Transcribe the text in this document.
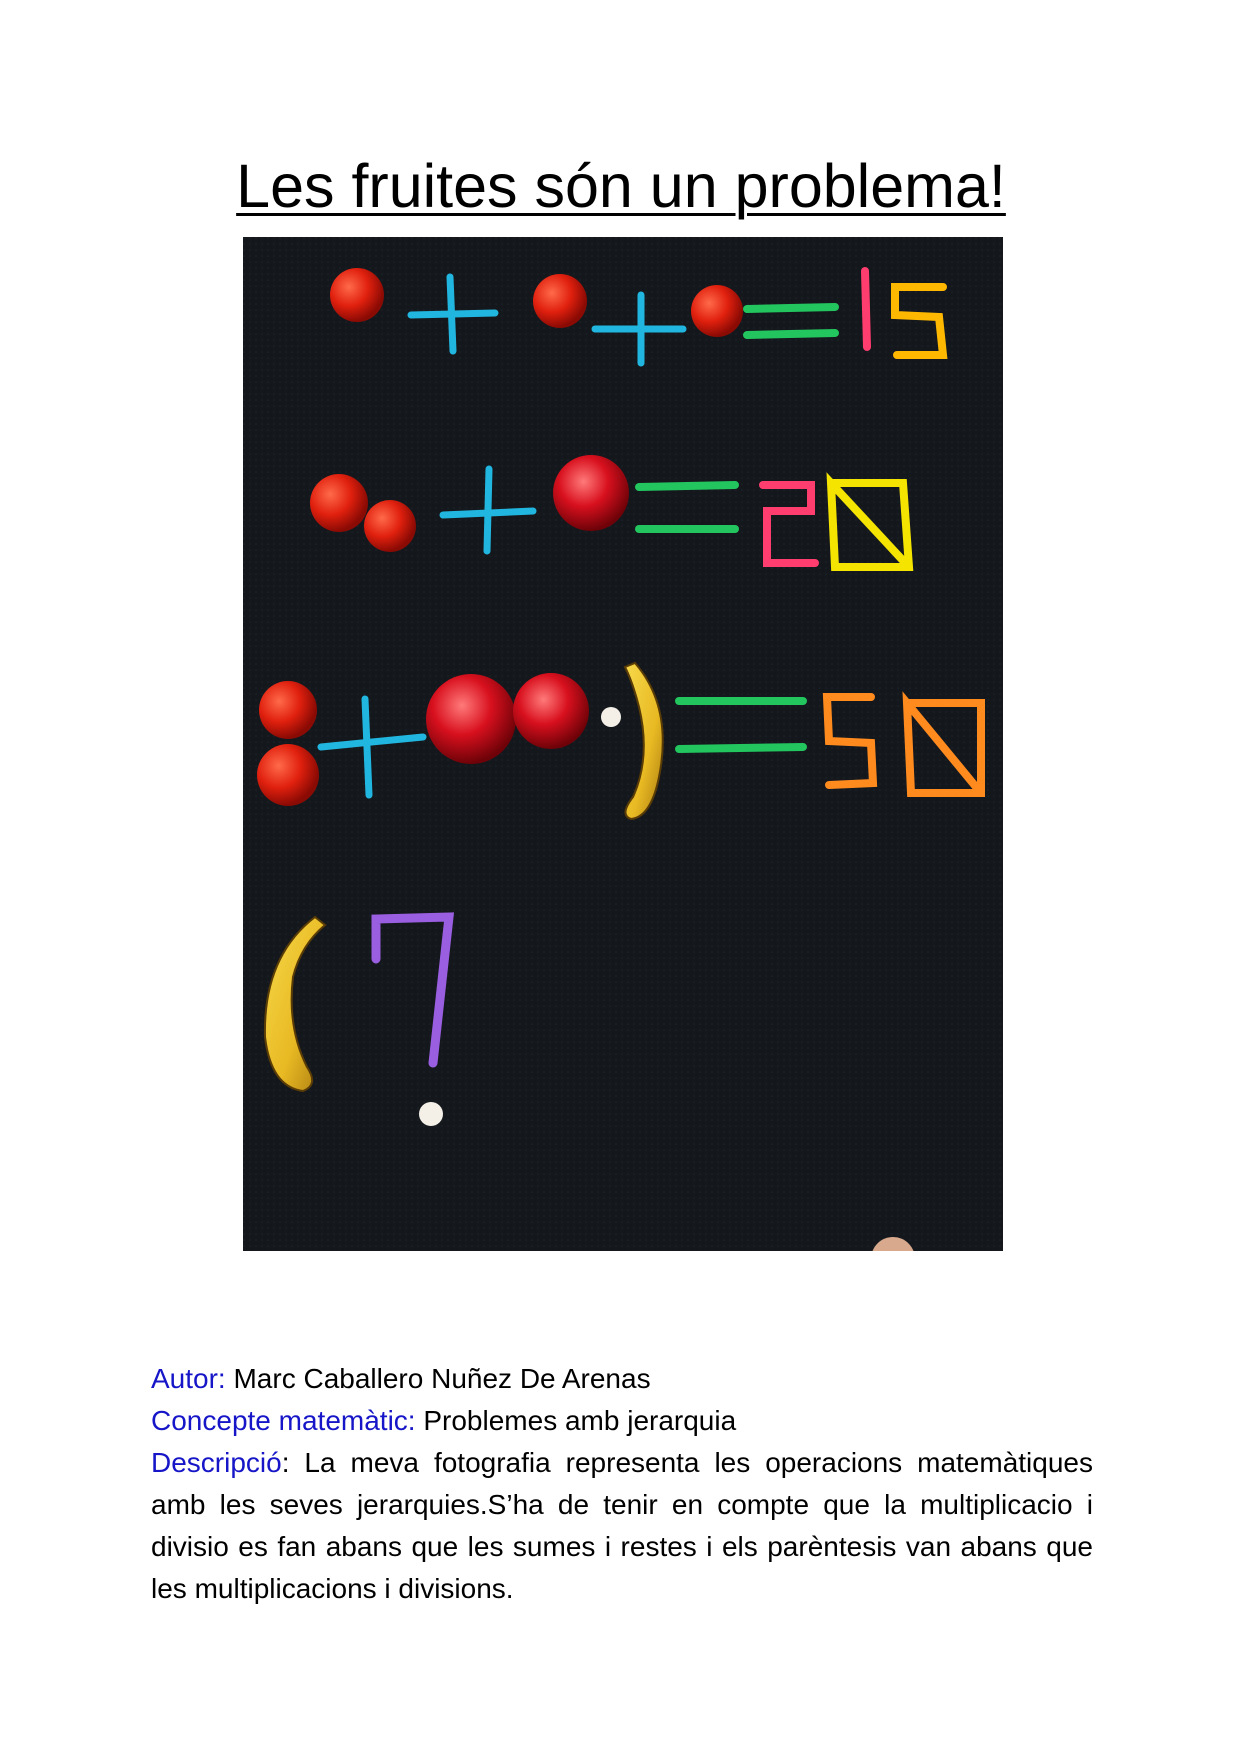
Les fruites són un problema!

Autor: Marc Caballero Nuñez De Arenas

Concepte matemàtic: Problemes amb jerarquia

Descripció: La meva fotografia representa les operacions matemàtiques amb les seves jerarquies.S’ha de tenir en compte que la multiplicacio i divisio es fan abans que les sumes i restes i els parèntesis van abans que les multiplicacions i divisions.
